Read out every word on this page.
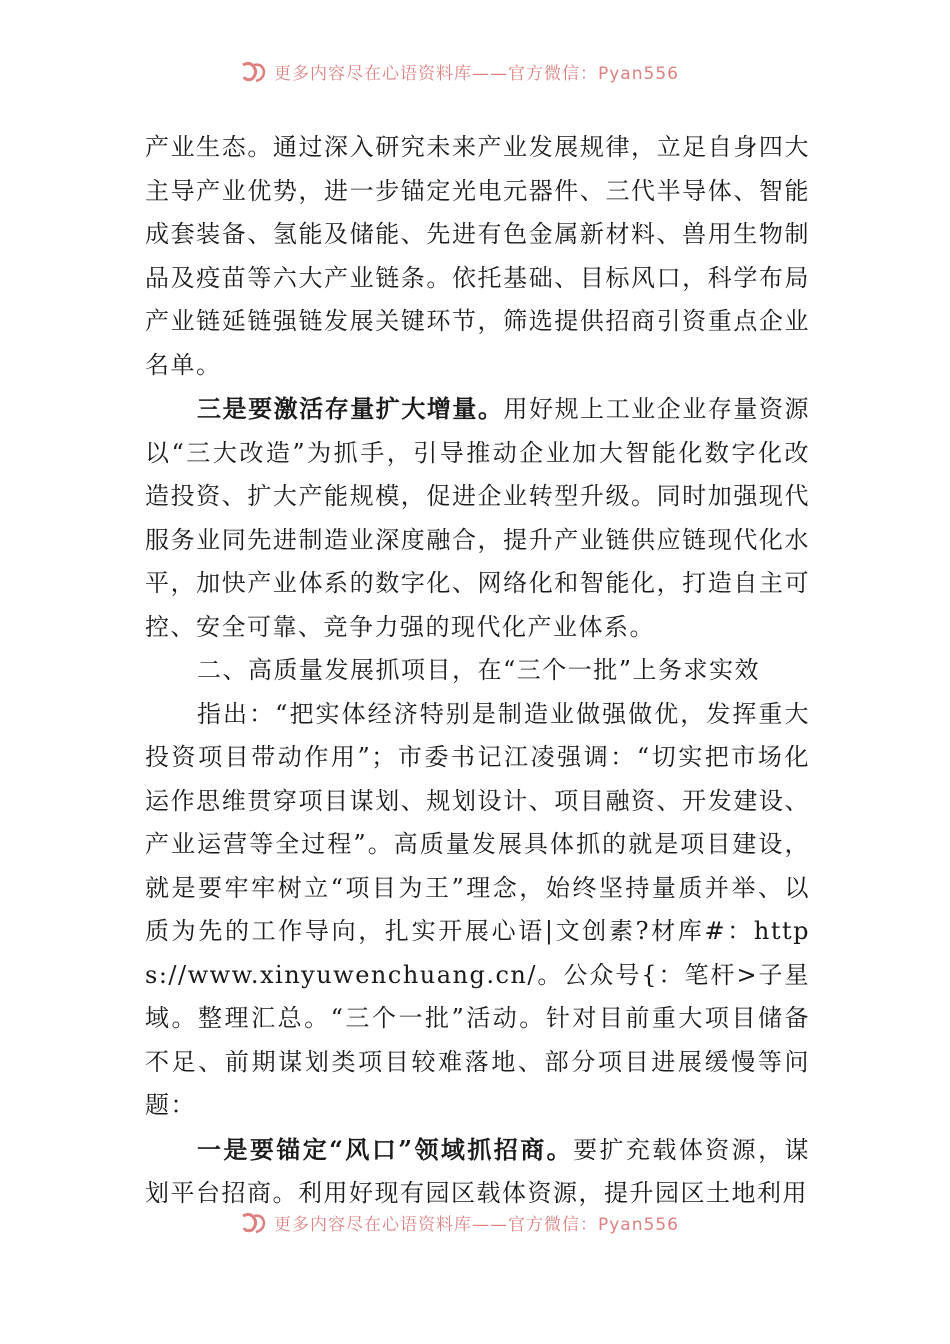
更多内容尽在心语资料库——官方微信：Pyan556

产业生态。通过深入研究未来产业发展规律，立足自身四大主导产业优势，进一步锚定光电元器件、三代半导体、智能成套装备、氢能及储能、先进有色金属新材料、兽用生物制品及疫苗等六大产业链条。依托基础、目标风口，科学布局产业链延链强链发展关键环节，筛选提供招商引资重点企业名单。

三是要激活存量扩大增量。用好规上工业企业存量资源以“三大改造”为抓手，引导推动企业加大智能化数字化改造投资、扩大产能规模，促进企业转型升级。同时加强现代服务业同先进制造业深度融合，提升产业链供应链现代化水平，加快产业体系的数字化、网络化和智能化，打造自主可控、安全可靠、竞争力强的现代化产业体系。

二、高质量发展抓项目，在“三个一批”上务求实效

指出：“把实体经济特别是制造业做强做优，发挥重大投资项目带动作用”；市委书记江凌强调：“切实把市场化运作思维贯穿项目谋划、规划设计、项目融资、开发建设、产业运营等全过程”。高质量发展具体抓的就是项目建设，就是要牢牢树立“项目为王”理念，始终坚持量质并举、以质为先的工作导向，扎实开展心语|文创素?材库#：https://www.xinyuwenchuang.cn/。公众号{：笔杆>子星域。整理汇总。“三个一批”活动。针对目前重大项目储备不足、前期谋划类项目较难落地、部分项目进展缓慢等问题：

一是要锚定“风口”领域抓招商。要扩充载体资源，谋划平台招商。利用好现有园区载体资源，提升园区土地利用

更多内容尽在心语资料库——官方微信：Pyan556
